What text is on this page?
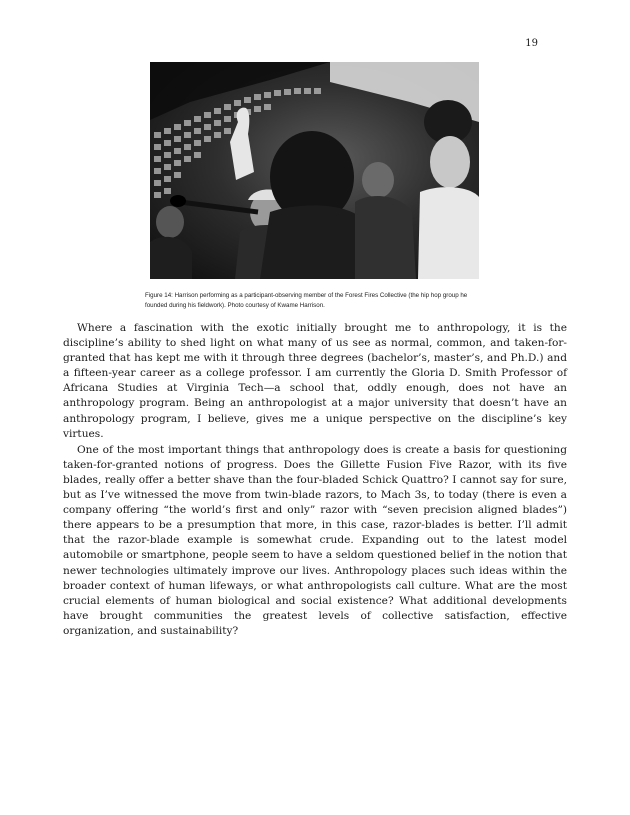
19
Figure 14: Harrison performing as a participant-observing member of the Forest Fires Collective (the hip hop group he founded during his fieldwork). Photo courtesy of Kwame Harrison.

Where a fascination with the exotic initially brought me to anthropology, it is the discipline’s ability to shed light on what many of us see as normal, common, and taken-for-granted that has kept me with it through three degrees (bachelor’s, master’s, and Ph.D.) and a fifteen-year career as a college professor. I am currently the Gloria D. Smith Professor of Africana Studies at Virginia Tech—a school that, oddly enough, does not have an anthropology program. Being an anthropologist at a major university that doesn’t have an anthropology program, I believe, gives me a unique perspective on the discipline’s key virtues.

One of the most important things that anthropology does is create a basis for questioning taken-for-granted notions of progress. Does the Gillette Fusion Five Razor, with its five blades, really offer a better shave than the four-bladed Schick Quattro? I cannot say for sure, but as I’ve witnessed the move from twin-blade razors, to Mach 3s, to today (there is even a company offering “the world’s first and only” razor with “seven precision aligned blades”) there appears to be a presumption that more, in this case, razor-blades is better. I’ll admit that the razor-blade example is somewhat crude. Expanding out to the latest model automobile or smartphone, people seem to have a seldom questioned belief in the notion that newer technologies ultimately improve our lives. Anthropology places such ideas within the broader context of human lifeways, or what anthropologists call culture. What are the most crucial elements of human biological and social existence? What additional developments have brought communities the greatest levels of collective satisfaction, effective organization, and sustainability?
